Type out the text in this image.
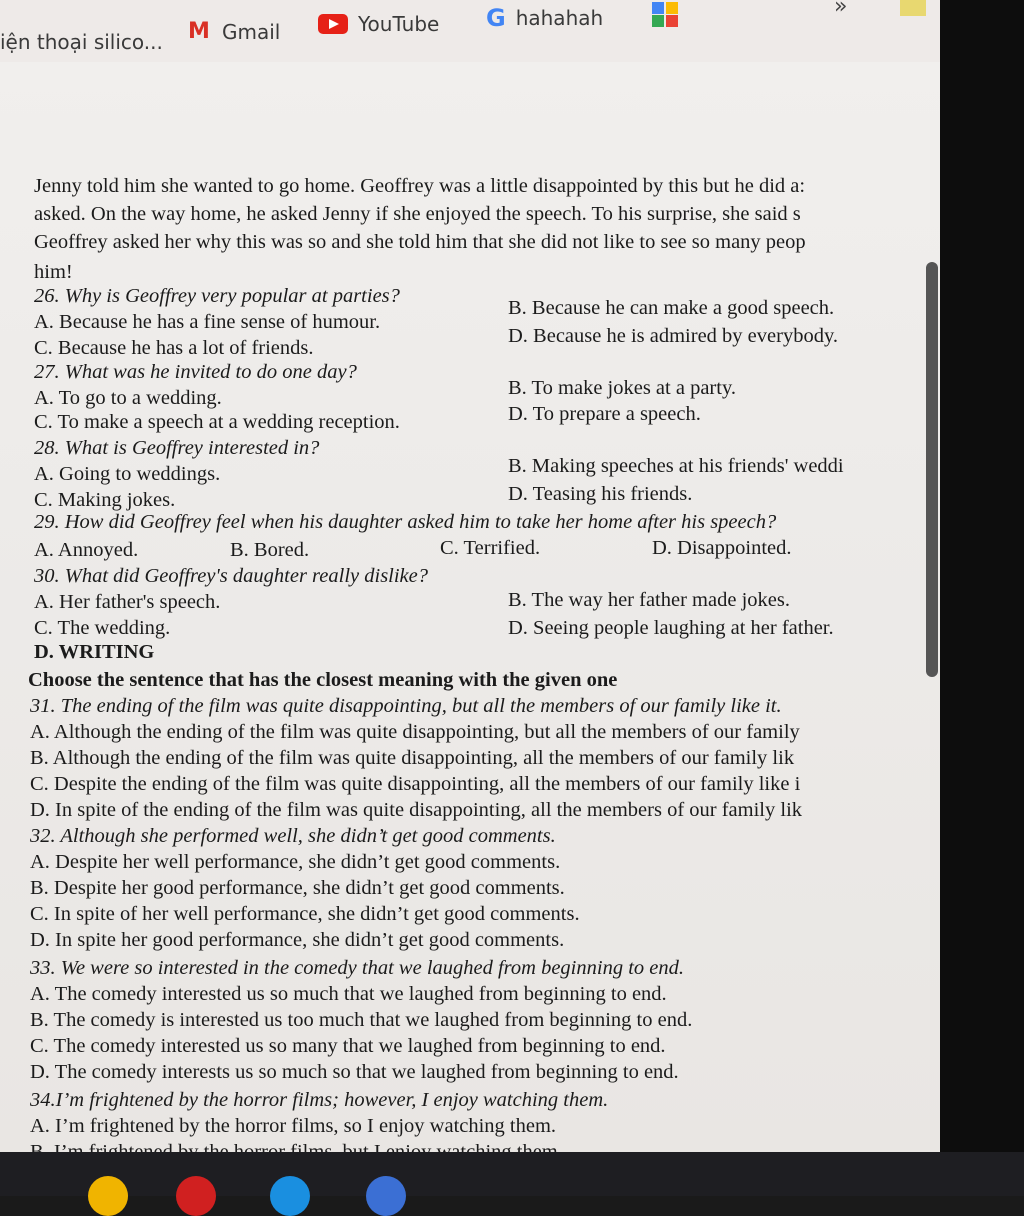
iện thoại silico... M Gmail	YouTube G hahahah	»
Jenny told him she wanted to go home. Geoffrey was a little disappointed by this but he did a:
asked. On the way home, he asked Jenny if she enjoyed the speech. To his surprise, she said s
Geoffrey asked her why this was so and she told him that she did not like to see so many peop
him!
26. Why is Geoffrey very popular at parties?
A. Because he has a fine sense of humour.
B. Because he can make a good speech.
C. Because he has a lot of friends.
D. Because he is admired by everybody.
27. What was he invited to do one day?
A. To go to a wedding.	B. To make jokes at a party.
C. To make a speech at a wedding reception.	D. To prepare a speech.
28. What is Geoffrey interested in?
A. Going to weddings.	B. Making speeches at his friends' weddi
C. Making jokes.	D. Teasing his friends.
29. How did Geoffrey feel when his daughter asked him to take her home after his speech?
A. Annoyed.	B. Bored.	C. Terrified.	D. Disappointed.
30. What did Geoffrey's daughter really dislike?
A. Her father's speech.	B. The way her father made jokes.
C. The wedding.	D. Seeing people laughing at her father.
D. WRITING
Choose the sentence that has the closest meaning with the given one
31. The ending of the film was quite disappointing, but all the members of our family like it.
A. Although the ending of the film was quite disappointing, but all the members of our family
B. Although the ending of the film was quite disappointing, all the members of our family lik
C. Despite the ending of the film was quite disappointing, all the members of our family like i
D. In spite of the ending of the film was quite disappointing, all the members of our family lik
32. Although she performed well, she didn’t get good comments.
A. Despite her well performance, she didn’t get good comments.
B. Despite her good performance, she didn’t get good comments.
C. In spite of her well performance, she didn’t get good comments.
D. In spite her good performance, she didn’t get good comments.
33. We were so interested in the comedy that we laughed from beginning to end.
A. The comedy interested us so much that we laughed from beginning to end.
B. The comedy is interested us too much that we laughed from beginning to end.
C. The comedy interested us so many that we laughed from beginning to end.
D. The comedy interests us so much so that we laughed from beginning to end.
34.I’m frightened by the horror films; however, I enjoy watching them.
A. I’m frightened by the horror films, so I enjoy watching them.
